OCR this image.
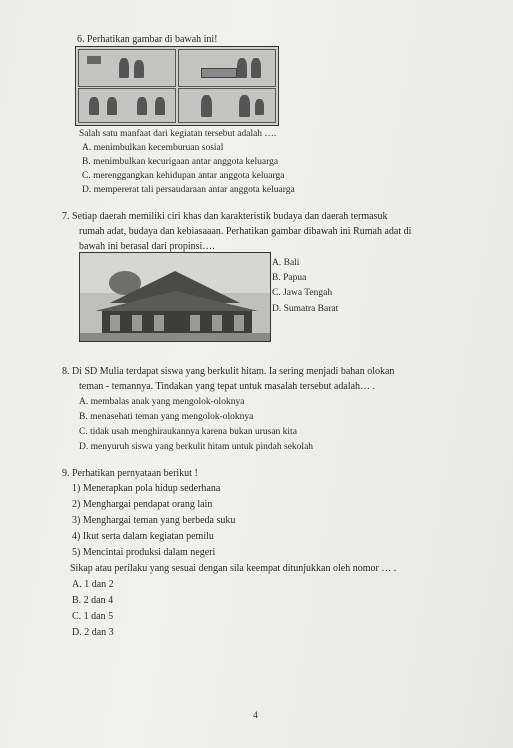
6. Perhatikan gambar di bawah ini!
Salah satu manfaat dari kegiatan tersebut adalah ….
A. menimbulkan kecemburuan sosial
B. menimbulkan kecurigaan antar anggota keluarga
C. merenggangkan kehidupan antar anggota keluarga
D. mempererat tali persaudaraan antar anggota keluarga
7. Setiap daerah memiliki ciri khas dan karakteristik budaya dan daerah termasuk
rumah adat, budaya dan kebiasaaan. Perhatikan gambar dibawah ini Rumah adat di
bawah ini berasal dari propinsi….
A. Bali
B. Papua
C. Jawa Tengah
D. Sumatra Barat
8. Di SD Mulia terdapat siswa yang berkulit hitam. Ia sering menjadi bahan olokan
teman - temannya. Tindakan yang tepat untuk masalah tersebut adalah… .
A. membalas anak yang mengolok-oloknya
B. menasehati teman yang mengolok-oloknya
C. tidak usah menghiraukannya karena bukan urusan kita
D. menyuruh siswa yang berkulit hitam untuk pindah sekolah
9. Perhatikan pernyataan berikut !
1) Menerapkan pola hidup sederhana
2) Menghargai pendapat orang lain
3) Menghargai teman yang berbeda suku
4) Ikut serta dalam kegiatan pemilu
5) Mencintai produksi dalam negeri
Sikap atau perilaku yang sesuai dengan sila keempat ditunjukkan oleh nomor … .
A. 1 dan 2
B. 2 dan 4
C. 1 dan 5
D. 2 dan 3
4
